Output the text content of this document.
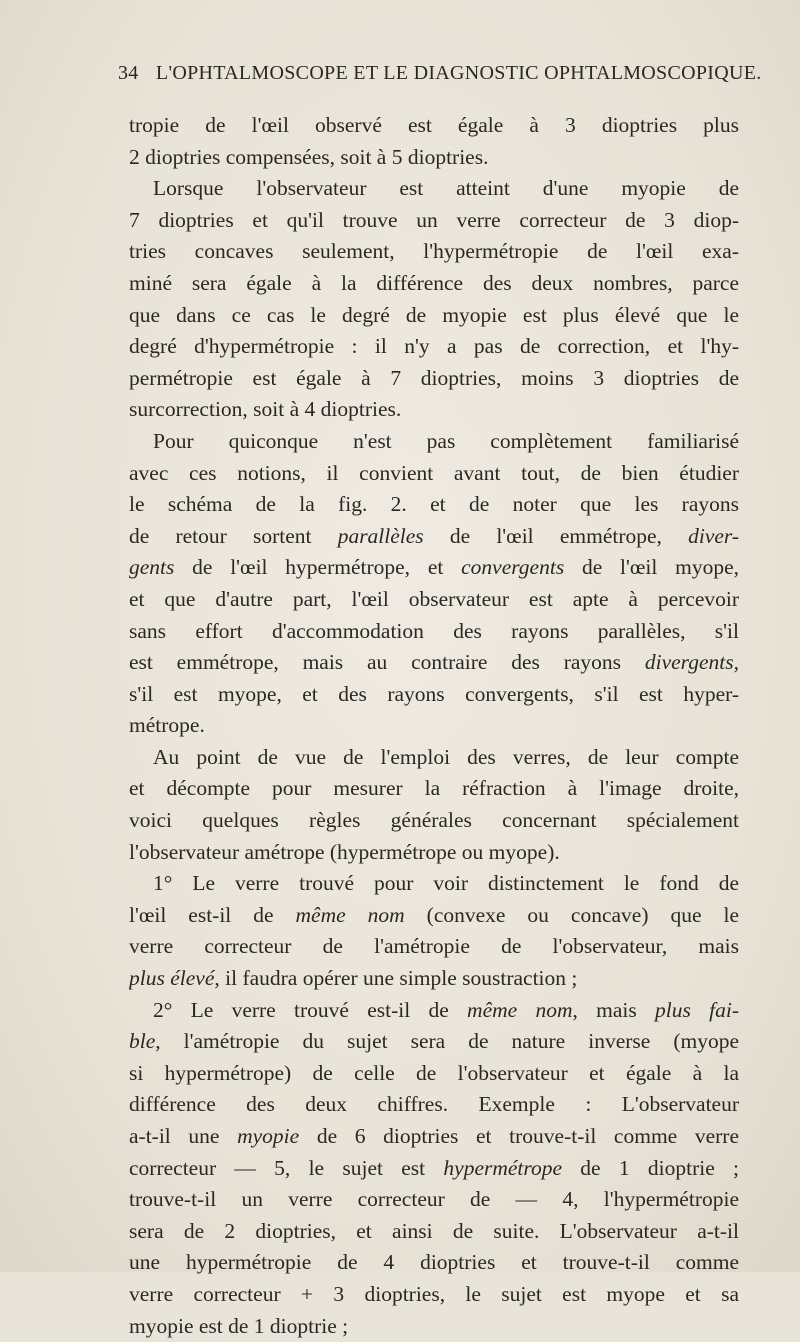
34 L'OPHTALMOSCOPE ET LE DIAGNOSTIC OPHTALMOSCOPIQUE.
tropie de l'œil observé est égale à 3 dioptries plus
2 dioptries compensées, soit à 5 dioptries.
Lorsque l'observateur est atteint d'une myopie de
7 dioptries et qu'il trouve un verre correcteur de 3 diop-
tries concaves seulement, l'hypermétropie de l'œil exa-
miné sera égale à la différence des deux nombres, parce
que dans ce cas le degré de myopie est plus élevé que le
degré d'hypermétropie : il n'y a pas de correction, et l'hy-
permétropie est égale à 7 dioptries, moins 3 dioptries de
surcorrection, soit à 4 dioptries.
Pour quiconque n'est pas complètement familiarisé
avec ces notions, il convient avant tout, de bien étudier
le schéma de la fig. 2. et de noter que les rayons
de retour sortent parallèles de l'œil emmétrope, diver-
gents de l'œil hypermétrope, et convergents de l'œil myope,
et que d'autre part, l'œil observateur est apte à percevoir
sans effort d'accommodation des rayons parallèles, s'il
est emmétrope, mais au contraire des rayons divergents,
s'il est myope, et des rayons convergents, s'il est hyper-
métrope.
Au point de vue de l'emploi des verres, de leur compte
et décompte pour mesurer la réfraction à l'image droite,
voici quelques règles générales concernant spécialement
l'observateur amétrope (hypermétrope ou myope).
1° Le verre trouvé pour voir distinctement le fond de
l'œil est-il de même nom (convexe ou concave) que le
verre correcteur de l'amétropie de l'observateur, mais
plus élevé, il faudra opérer une simple soustraction ;
2° Le verre trouvé est-il de même nom, mais plus fai-
ble, l'amétropie du sujet sera de nature inverse (myope
si hypermétrope) de celle de l'observateur et égale à la
différence des deux chiffres. Exemple : L'observateur
a-t-il une myopie de 6 dioptries et trouve-t-il comme verre
correcteur — 5, le sujet est hypermétrope de 1 dioptrie ;
trouve-t-il un verre correcteur de — 4, l'hypermétropie
sera de 2 dioptries, et ainsi de suite. L'observateur a-t-il
une hypermétropie de 4 dioptries et trouve-t-il comme
verre correcteur + 3 dioptries, le sujet est myope et sa
myopie est de 1 dioptrie ;
